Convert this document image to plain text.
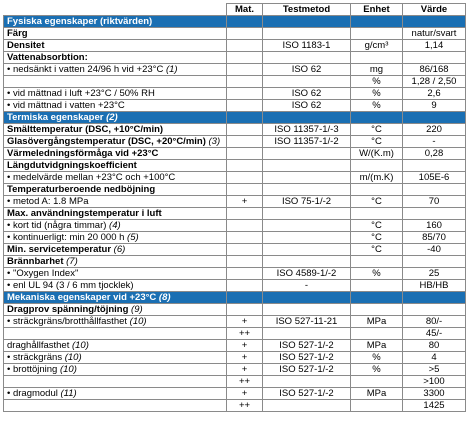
	Mat.	Testmetod	Enhet	Värde
Fysiska egenskaper (riktvärden)				
Färg				natur/svart
Densitet		ISO 1183-1	g/cm³	1,14
Vattenabsorbtion:				
• nedsänkt i vatten 24/96 h vid +23°C (1)		ISO 62	mg	86/168
			%	1,28 / 2,50
• vid mättnad i luft +23°C / 50% RH		ISO 62	%	2,6
• vid mättnad i vatten +23°C		ISO 62	%	9
Termiska egenskaper (2)				
Smälttemperatur (DSC, +10°C/min)		ISO 11357-1/-3	°C	220
Glasövergångstemperatur (DSC, +20°C/min) (3)		ISO 11357-1/-2	°C	-
Värmeledningsförmåga vid +23°C			W/(K.m)	0,28
Längdutvidgningskoefficient				
• medelvärde mellan +23°C och +100°C			m/(m.K)	105E-6
Temperaturberoende nedböjning				
• metod A: 1.8 MPa	+	ISO 75-1/-2	°C	70
Max. användningstemperatur i luft				
• kort tid (några timmar) (4)			°C	160
• kontinuerligt: min 20 000 h (5)			°C	85/70
Min. servicetemperatur (6)			°C	-40
Brännbarhet (7)				
• "Oxygen Index"		ISO 4589-1/-2	%	25
• enl UL 94 (3 / 6 mm tjocklek)		-		HB/HB
Mekaniska egenskaper vid +23°C (8)				
Dragprov spänning/töjning (9)				
• sträckgräns/brotthållfasthet (10)	+	ISO 527-11-21	MPa	80/-
	++			45/-
draghållfasthet (10)	+	ISO 527-1/-2	MPa	80
• sträckgräns (10)	+	ISO 527-1/-2	%	4
• brottöjning (10)	+	ISO 527-1/-2	%	>5
	++			>100
• dragmodul (11)	+	ISO 527-1/-2	MPa	3300
	++			1425
